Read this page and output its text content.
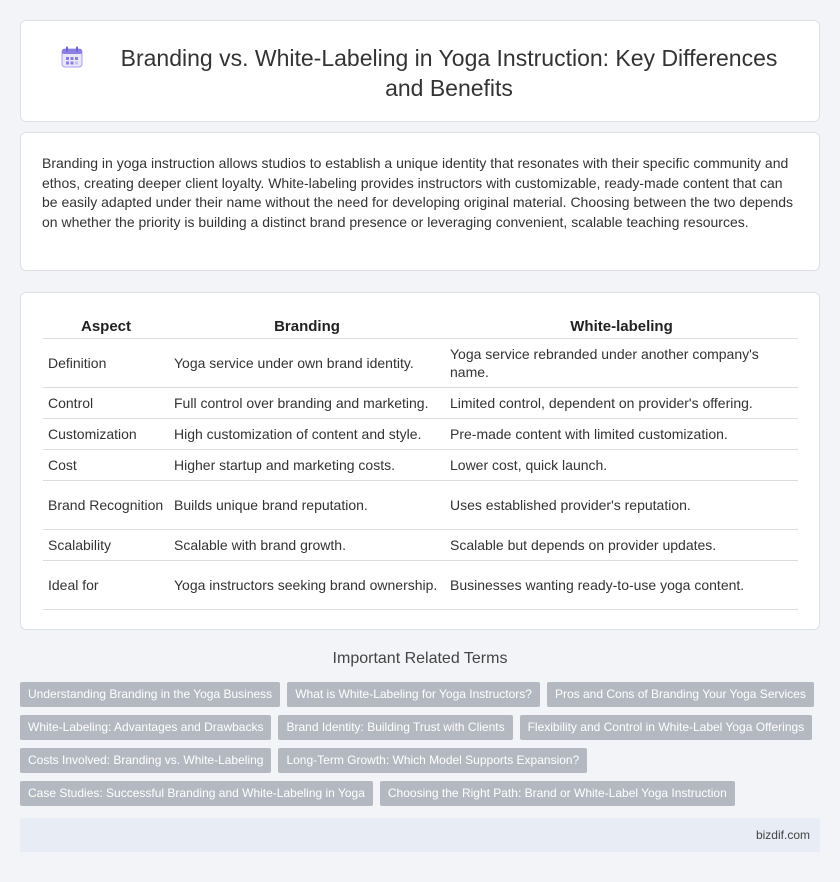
Branding vs. White-Labeling in Yoga Instruction: Key Differences and Benefits

Branding in yoga instruction allows studios to establish a unique identity that resonates with their specific community and ethos, creating deeper client loyalty. White-labeling provides instructors with customizable, ready-made content that can be easily adapted under their name without the need for developing original material. Choosing between the two depends on whether the priority is building a distinct brand presence or leveraging convenient, scalable teaching resources.

Aspect	Branding	White-labeling
Definition	Yoga service under own brand identity.	Yoga service rebranded under another company's name.
Control	Full control over branding and marketing.	Limited control, dependent on provider's offering.
Customization	High customization of content and style.	Pre-made content with limited customization.
Cost	Higher startup and marketing costs.	Lower cost, quick launch.
Brand Recognition	Builds unique brand reputation.	Uses established provider's reputation.
Scalability	Scalable with brand growth.	Scalable but depends on provider updates.
Ideal for	Yoga instructors seeking brand ownership.	Businesses wanting ready-to-use yoga content.
Important Related Terms
Understanding Branding in the Yoga Business	What is White-Labeling for Yoga Instructors?	Pros and Cons of Branding Your Yoga Services
White-Labeling: Advantages and Drawbacks	Brand Identity: Building Trust with Clients	Flexibility and Control in White-Label Yoga Offerings
Costs Involved: Branding vs. White-Labeling	Long-Term Growth: Which Model Supports Expansion?
Case Studies: Successful Branding and White-Labeling in Yoga	Choosing the Right Path: Brand or White-Label Yoga Instruction
bizdif.com
